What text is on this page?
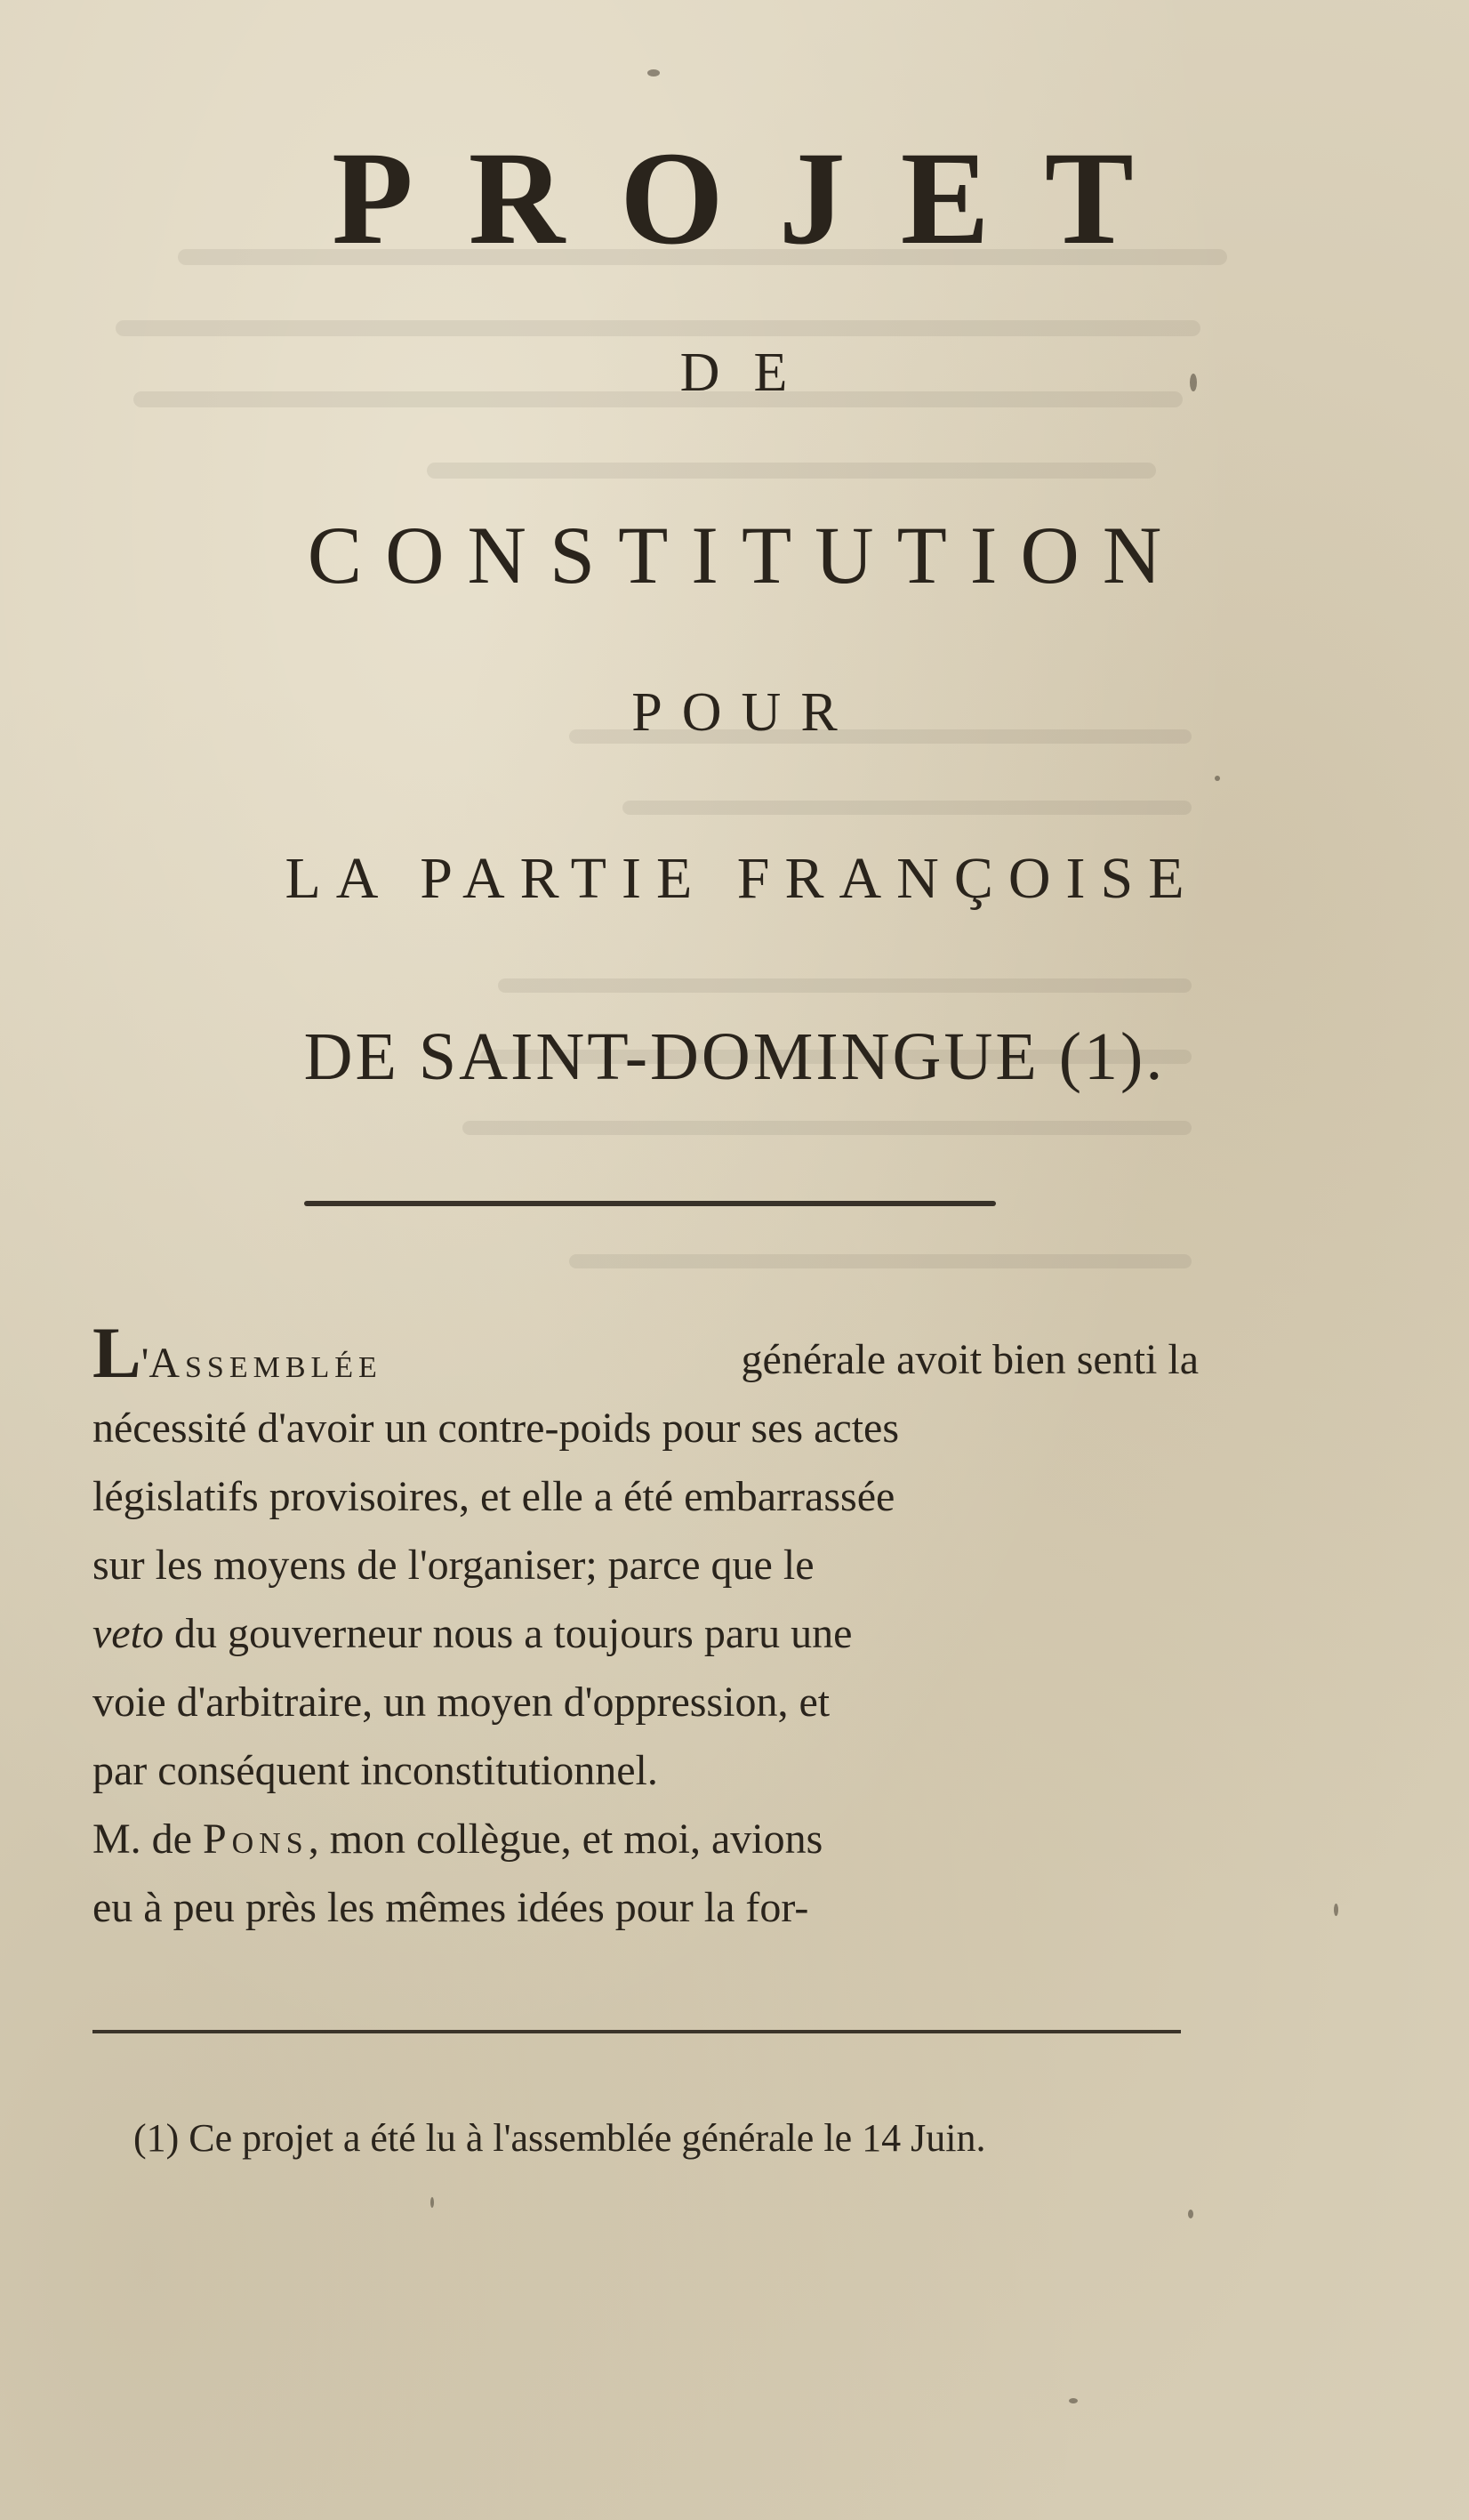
PROJET
DE
CONSTITUTION
POUR
LA PARTIE FRANÇOISE
DE SAINT-DOMINGUE (1).
L'Assemblée	générale avoit bien senti la
nécessité d'avoir un contre-poids pour ses actes
législatifs provisoires, et elle a été embarrassée
sur les moyens de l'organiser; parce que le
veto du gouverneur nous a toujours paru une
voie d'arbitraire, un moyen d'oppression, et
par conséquent inconstitutionnel.
M. de Pons, mon collègue, et moi, avions
eu à peu près les mêmes idées pour la for-
(1) Ce projet a été lu à l'assemblée générale le 14 Juin.
